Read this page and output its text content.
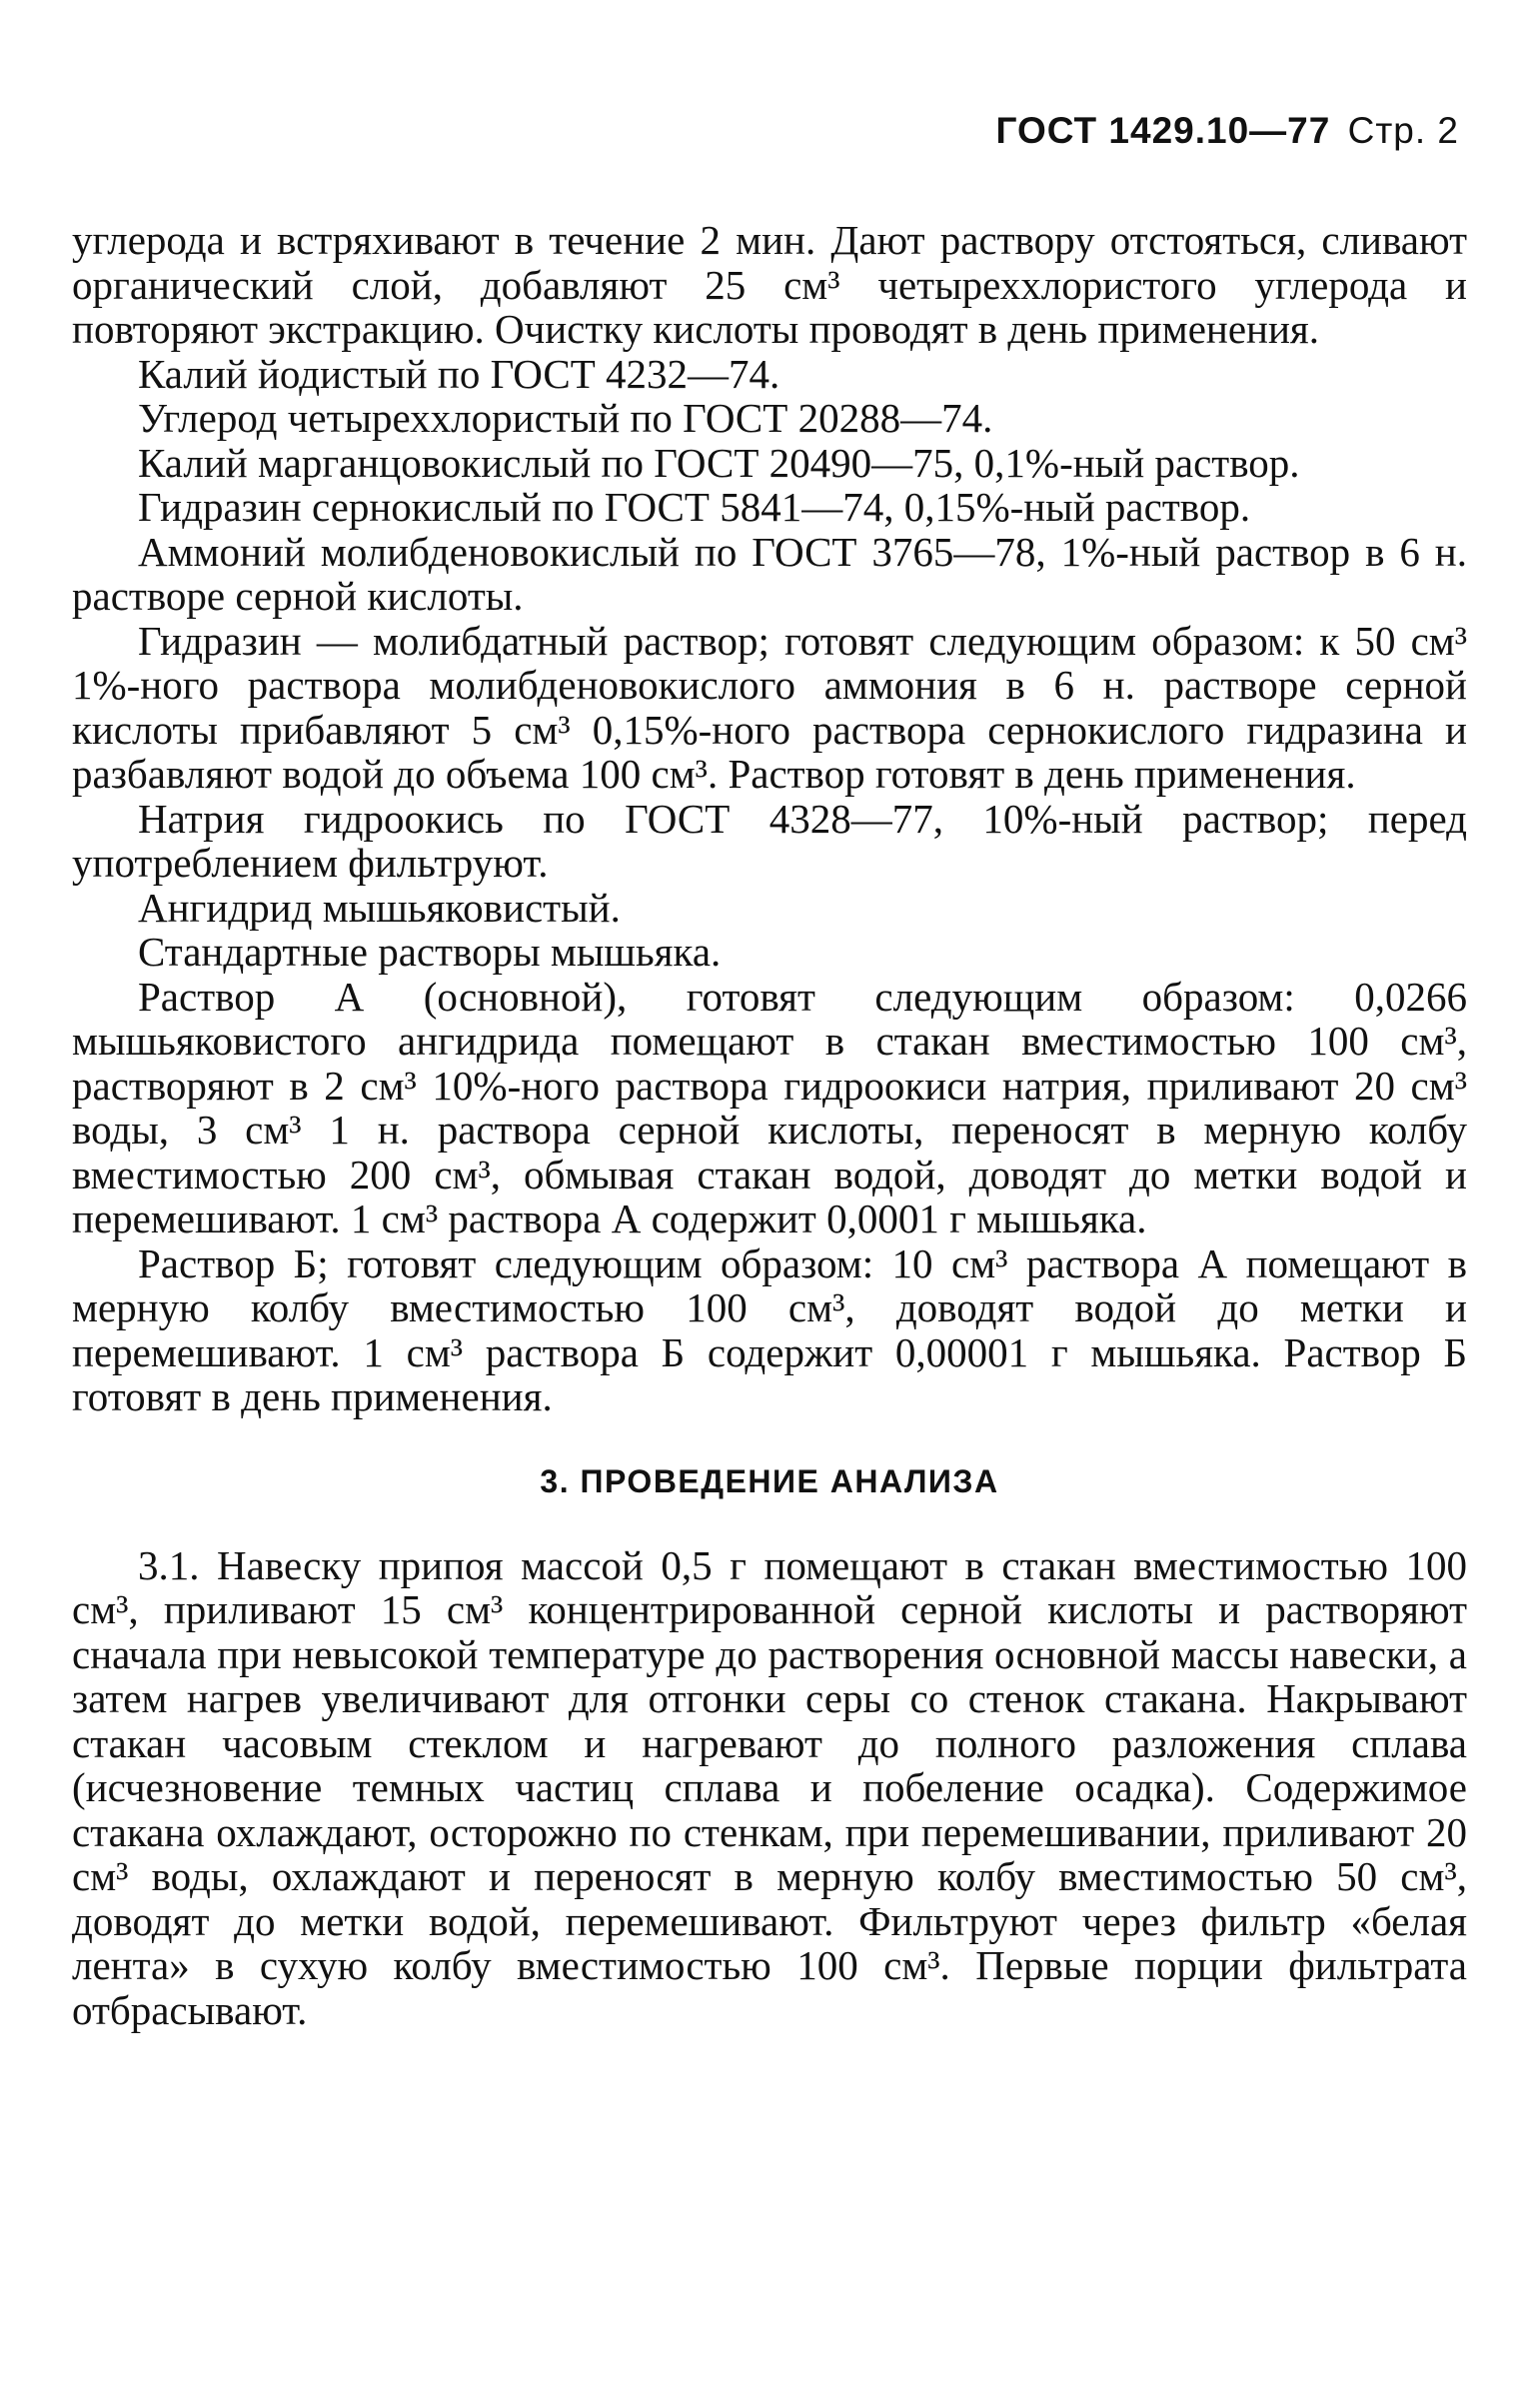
ГОСТ 1429.10—77 Стр. 2

углерода и встряхивают в течение 2 мин. Дают раствору отстояться, сливают органический слой, добавляют 25 см³ четыреххлористого углерода и повторяют экстракцию. Очистку кислоты проводят в день применения.

Калий йодистый по ГОСТ 4232—74.

Углерод четыреххлористый по ГОСТ 20288—74.

Калий марганцовокислый по ГОСТ 20490—75, 0,1%-ный раствор.

Гидразин сернокислый по ГОСТ 5841—74, 0,15%-ный раствор.

Аммоний молибденовокислый по ГОСТ 3765—78, 1%-ный раствор в 6 н. растворе серной кислоты.

Гидразин — молибдатный раствор; готовят следующим образом: к 50 см³ 1%-ного раствора молибденовокислого аммония в 6 н. растворе серной кислоты прибавляют 5 см³ 0,15%-ного раствора сернокислого гидразина и разбавляют водой до объема 100 см³. Раствор готовят в день применения.

Натрия гидроокись по ГОСТ 4328—77, 10%-ный раствор; перед употреблением фильтруют.

Ангидрид мышьяковистый.

Стандартные растворы мышьяка.

Раствор А (основной), готовят следующим образом: 0,0266 мышьяковистого ангидрида помещают в стакан вместимостью 100 см³, растворяют в 2 см³ 10%-ного раствора гидроокиси натрия, приливают 20 см³ воды, 3 см³ 1 н. раствора серной кислоты, переносят в мерную колбу вместимостью 200 см³, обмывая стакан водой, доводят до метки водой и перемешивают. 1 см³ раствора А содержит 0,0001 г мышьяка.

Раствор Б; готовят следующим образом: 10 см³ раствора А помещают в мерную колбу вместимостью 100 см³, доводят водой до метки и перемешивают. 1 см³ раствора Б содержит 0,00001 г мышьяка. Раствор Б готовят в день применения.

3. ПРОВЕДЕНИЕ АНАЛИЗА

3.1. Навеску припоя массой 0,5 г помещают в стакан вместимостью 100 см³, приливают 15 см³ концентрированной серной кислоты и растворяют сначала при невысокой температуре до растворения основной массы навески, а затем нагрев увеличивают для отгонки серы со стенок стакана. Накрывают стакан часовым стеклом и нагревают до полного разложения сплава (исчезновение темных частиц сплава и побеление осадка). Содержимое стакана охлаждают, осторожно по стенкам, при перемешивании, приливают 20 см³ воды, охлаждают и переносят в мерную колбу вместимостью 50 см³, доводят до метки водой, перемешивают. Фильтруют через фильтр «белая лента» в сухую колбу вместимостью 100 см³. Первые порции фильтрата отбрасывают.
